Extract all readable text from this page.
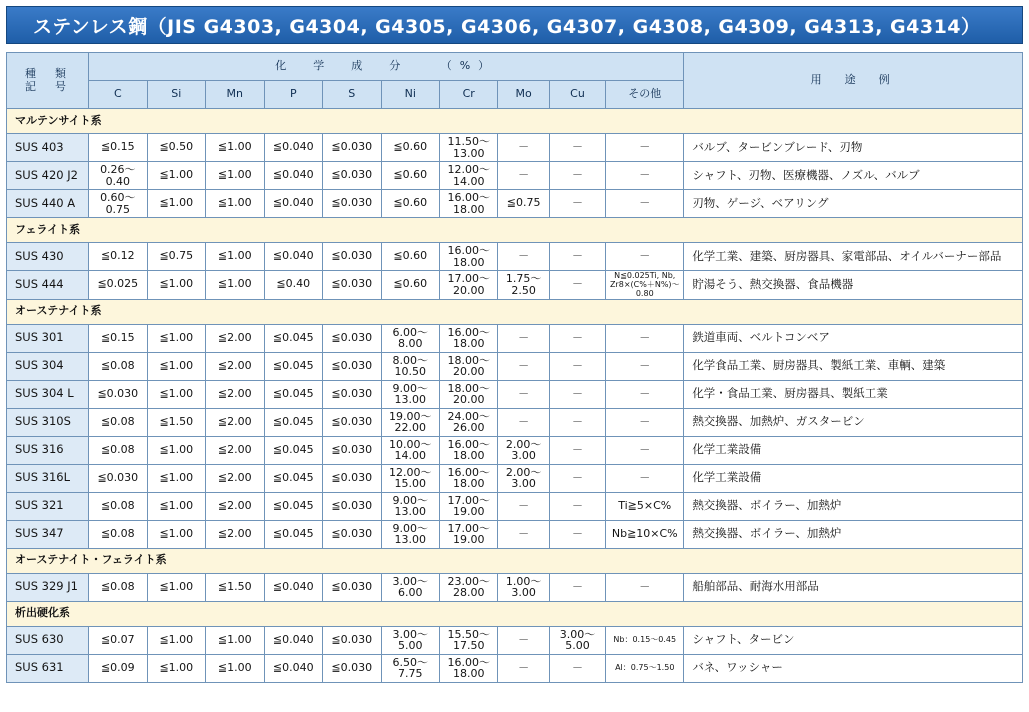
ステンレス鋼（JIS G4303, G4304, G4305, G4306, G4307, G4308, G4309, G4313, G4314）
種　類
記　号	化　学　成　分　　（%）										用　途　例
	C	Si	Mn	P	S	Ni	Cr	Mo	Cu	その他	
マルテンサイト系											
SUS 403	≦0.15	≦0.50	≦1.00	≦0.040	≦0.030	≦0.60	11.50～
13.00	－	－	－	バルブ、タービンブレード、刃物
SUS 420 J2	0.26～
0.40	≦1.00	≦1.00	≦0.040	≦0.030	≦0.60	12.00～
14.00	－	－	－	シャフト、刃物、医療機器、ノズル、バルブ
SUS 440 A	0.60～
0.75	≦1.00	≦1.00	≦0.040	≦0.030	≦0.60	16.00～
18.00	≦0.75	－	－	刃物、ゲージ、ベアリング
フェライト系											
SUS 430	≦0.12	≦0.75	≦1.00	≦0.040	≦0.030	≦0.60	16.00～
18.00	－	－	－	化学工業、建築、厨房器具、家電部品、オイルバーナー部品
SUS 444	≦0.025	≦1.00	≦1.00	≦0.40	≦0.030	≦0.60	17.00～
20.00	1.75～
2.50	－	N≦0.025Ti, Nb, Zr8×(C%＋N%)～0.80	貯湯そう、熱交換器、食品機器
オーステナイト系											
SUS 301	≦0.15	≦1.00	≦2.00	≦0.045	≦0.030	6.00～
8.00	16.00～
18.00	－	－	－	鉄道車両、ベルトコンベア
SUS 304	≦0.08	≦1.00	≦2.00	≦0.045	≦0.030	8.00～
10.50	18.00～
20.00	－	－	－	化学食品工業、厨房器具、製紙工業、車輌、建築
SUS 304 L	≦0.030	≦1.00	≦2.00	≦0.045	≦0.030	9.00～
13.00	18.00～
20.00	－	－	－	化学・食品工業、厨房器具、製紙工業
SUS 310S	≦0.08	≦1.50	≦2.00	≦0.045	≦0.030	19.00～
22.00	24.00～
26.00	－	－	－	熱交換器、加熱炉、ガスタービン
SUS 316	≦0.08	≦1.00	≦2.00	≦0.045	≦0.030	10.00～
14.00	16.00～
18.00	2.00～
3.00	－	－	化学工業設備
SUS 316L	≦0.030	≦1.00	≦2.00	≦0.045	≦0.030	12.00～
15.00	16.00～
18.00	2.00～
3.00	－	－	化学工業設備
SUS 321	≦0.08	≦1.00	≦2.00	≦0.045	≦0.030	9.00～
13.00	17.00～
19.00	－	－	Ti≧5×C%	熱交換器、ボイラー、加熱炉
SUS 347	≦0.08	≦1.00	≦2.00	≦0.045	≦0.030	9.00～
13.00	17.00～
19.00	－	－	Nb≧10×C%	熱交換器、ボイラー、加熱炉
オーステナイト・フェライト系											
SUS 329 J1	≦0.08	≦1.00	≦1.50	≦0.040	≦0.030	3.00～
6.00	23.00～
28.00	1.00～
3.00	－	－	船舶部品、耐海水用部品
析出硬化系											
SUS 630	≦0.07	≦1.00	≦1.00	≦0.040	≦0.030	3.00～
5.00	15.50～
17.50	－	3.00～
5.00	Nb：0.15～0.45	シャフト、タービン
SUS 631	≦0.09	≦1.00	≦1.00	≦0.040	≦0.030	6.50～
7.75	16.00～
18.00	－	－	Al：0.75～1.50	バネ、ワッシャー
